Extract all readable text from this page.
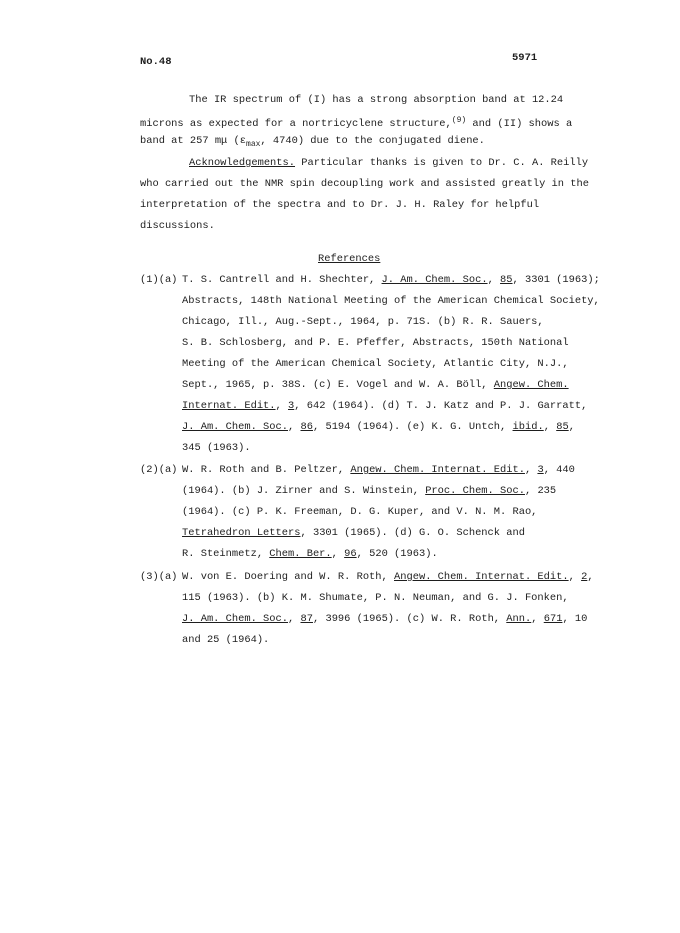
No.48	5971
The IR spectrum of (I) has a strong absorption band at 12.24
microns as expected for a nortricyclene structure,$^{(9)}$ and (II) shows a
band at 257 mμ ($\varepsilon_{max}$, 4740) due to the conjugated diene.
Acknowledgements. Particular thanks is given to Dr. C. A. Reilly
who carried out the NMR spin decoupling work and assisted greatly in the
interpretation of the spectra and to Dr. J. H. Raley for helpful
discussions.
References
(1)(a) T. S. Cantrell and H. Shechter, J. Am. Chem. Soc., 85, 3301 (1963);
Abstracts, 148th National Meeting of the American Chemical Society,
Chicago, Ill., Aug.-Sept., 1964, p. 71S. (b) R. R. Sauers,
S. B. Schlosberg, and P. E. Pfeffer, Abstracts, 150th National
Meeting of the American Chemical Society, Atlantic City, N.J.,
Sept., 1965, p. 38S. (c) E. Vogel and W. A. Böll, Angew. Chem.
Internat. Edit., 3, 642 (1964). (d) T. J. Katz and P. J. Garratt,
J. Am. Chem. Soc., 86, 5194 (1964). (e) K. G. Untch, ibid., 85,
345 (1963).
(2)(a) W. R. Roth and B. Peltzer, Angew. Chem. Internat. Edit., 3, 440
(1964). (b) J. Zirner and S. Winstein, Proc. Chem. Soc., 235
(1964). (c) P. K. Freeman, D. G. Kuper, and V. N. M. Rao,
Tetrahedron Letters, 3301 (1965). (d) G. O. Schenck and
R. Steinmetz, Chem. Ber., 96, 520 (1963).
(3)(a) W. von E. Doering and W. R. Roth, Angew. Chem. Internat. Edit., 2,
115 (1963). (b) K. M. Shumate, P. N. Neuman, and G. J. Fonken,
J. Am. Chem. Soc., 87, 3996 (1965). (c) W. R. Roth, Ann., 671, 10
and 25 (1964).
